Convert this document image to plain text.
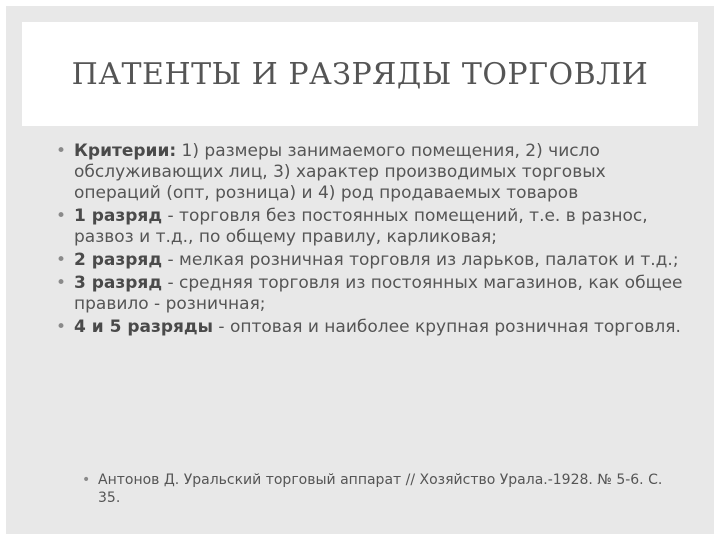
ПАТЕНТЫ И РАЗРЯДЫ ТОРГОВЛИ
• Критерии: 1) размеры занимаемого помещения, 2) число обслуживающих лиц, 3) характер производимых торговых операций (опт, розница) и 4) род продаваемых товаров
• 1 разряд - торговля без постоянных помещений, т.е. в разнос, развоз и т.д., по общему правилу, карликовая;
• 2 разряд - мелкая розничная торговля из ларьков, палаток и т.д.;
• 3 разряд - средняя торговля из постоянных магазинов, как общее правило - розничная;
• 4 и 5 разряды - оптовая и наиболее крупная розничная торговля.
• Антонов Д. Уральский торговый аппарат // Хозяйство Урала.-1928. № 5-6. С. 35.
